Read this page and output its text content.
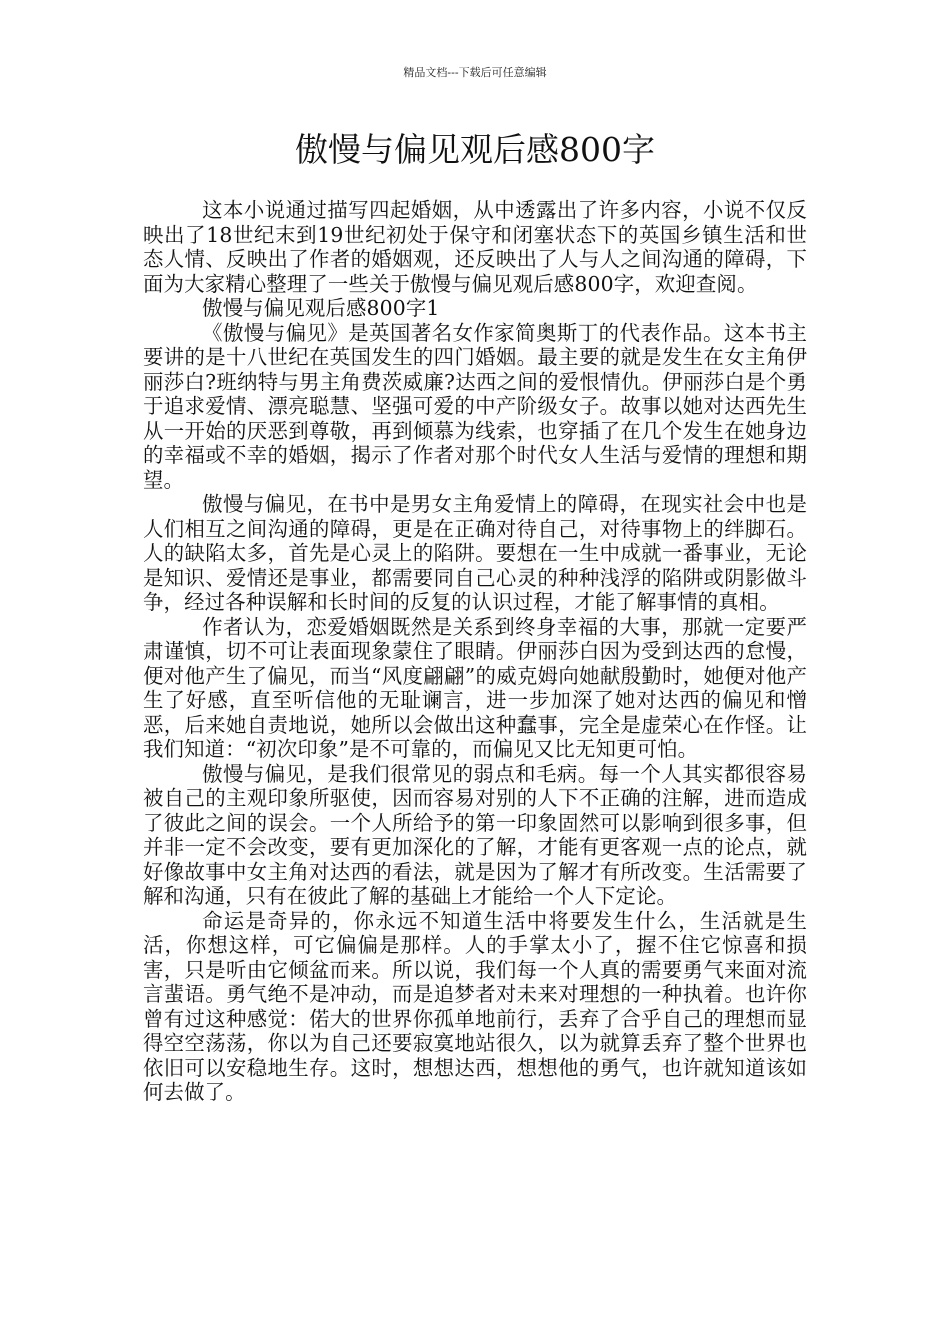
精品文档---下载后可任意编辑
傲慢与偏见观后感800字

这本小说通过描写四起婚姻，从中透露出了许多内容，小说不仅反映出了18世纪末到19世纪初处于保守和闭塞状态下的英国乡镇生活和世态人情、反映出了作者的婚姻观，还反映出了人与人之间沟通的障碍，下面为大家精心整理了一些关于傲慢与偏见观后感800字，欢迎查阅。

傲慢与偏见观后感800字1

《傲慢与偏见》是英国著名女作家简奥斯丁的代表作品。这本书主要讲的是十八世纪在英国发生的四门婚姻。最主要的就是发生在女主角伊丽莎白?班纳特与男主角费茨威廉?达西之间的爱恨情仇。伊丽莎白是个勇于追求爱情、漂亮聪慧、坚强可爱的中产阶级女子。故事以她对达西先生从一开始的厌恶到尊敬，再到倾慕为线索，也穿插了在几个发生在她身边的幸福或不幸的婚姻，揭示了作者对那个时代女人生活与爱情的理想和期望。

傲慢与偏见，在书中是男女主角爱情上的障碍，在现实社会中也是人们相互之间沟通的障碍，更是在正确对待自己，对待事物上的绊脚石。人的缺陷太多，首先是心灵上的陷阱。要想在一生中成就一番事业，无论是知识、爱情还是事业，都需要同自己心灵的种种浅浮的陷阱或阴影做斗争，经过各种误解和长时间的反复的认识过程，才能了解事情的真相。

作者认为，恋爱婚姻既然是关系到终身幸福的大事，那就一定要严肃谨慎，切不可让表面现象蒙住了眼睛。伊丽莎白因为受到达西的怠慢，便对他产生了偏见，而当“风度翩翩”的威克姆向她献殷勤时，她便对他产生了好感，直至听信他的无耻谰言，进一步加深了她对达西的偏见和憎恶，后来她自责地说，她所以会做出这种蠢事，完全是虚荣心在作怪。让我们知道：“初次印象”是不可靠的，而偏见又比无知更可怕。

傲慢与偏见，是我们很常见的弱点和毛病。每一个人其实都很容易被自己的主观印象所驱使，因而容易对别的人下不正确的注解，进而造成了彼此之间的误会。一个人所给予的第一印象固然可以影响到很多事，但并非一定不会改变，要有更加深化的了解，才能有更客观一点的论点，就好像故事中女主角对达西的看法，就是因为了解才有所改变。生活需要了解和沟通，只有在彼此了解的基础上才能给一个人下定论。

命运是奇异的，你永远不知道生活中将要发生什么，生活就是生活，你想这样，可它偏偏是那样。人的手掌太小了，握不住它惊喜和损害，只是听由它倾盆而来。所以说，我们每一个人真的需要勇气来面对流言蜚语。勇气绝不是冲动，而是追梦者对未来对理想的一种执着。也许你曾有过这种感觉：偌大的世界你孤单地前行，丢弃了合乎自己的理想而显得空空荡荡，你以为自己还要寂寞地站很久，以为就算丢弃了整个世界也依旧可以安稳地生存。这时，想想达西，想想他的勇气，也许就知道该如何去做了。
